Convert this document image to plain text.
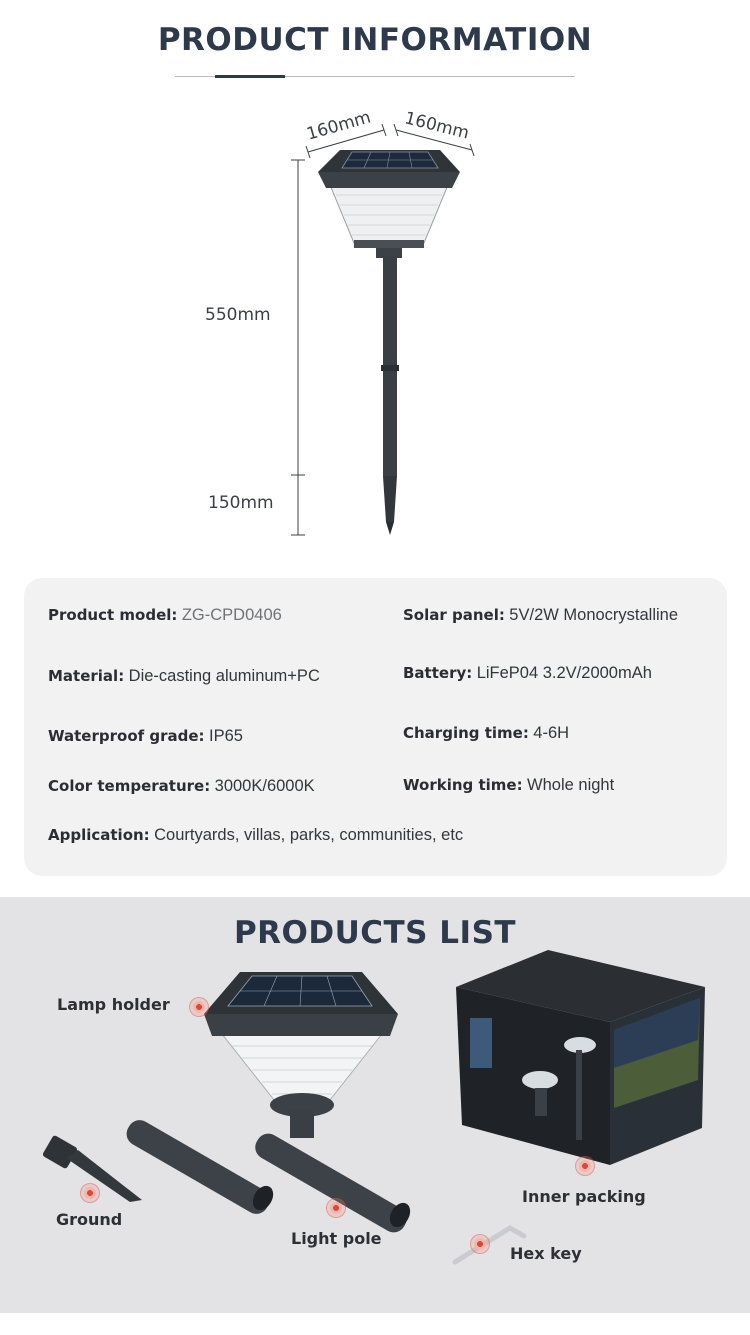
PRODUCT INFORMATION
160mm 160mm
550mm
150mm
Product model: ZG-CPD0406	Solar panel: 5V/2W Monocrystalline
Material: Die-casting aluminum+PC	Battery: LiFeP04 3.2V/2000mAh
Waterproof grade: IP65	Charging time: 4-6H
Color temperature: 3000K/6000K	Working time: Whole night
Application: Courtyards, villas, parks, communities, etc
PRODUCTS LIST
Lamp holder
Ground
Light pole
Inner packing
Hex key
